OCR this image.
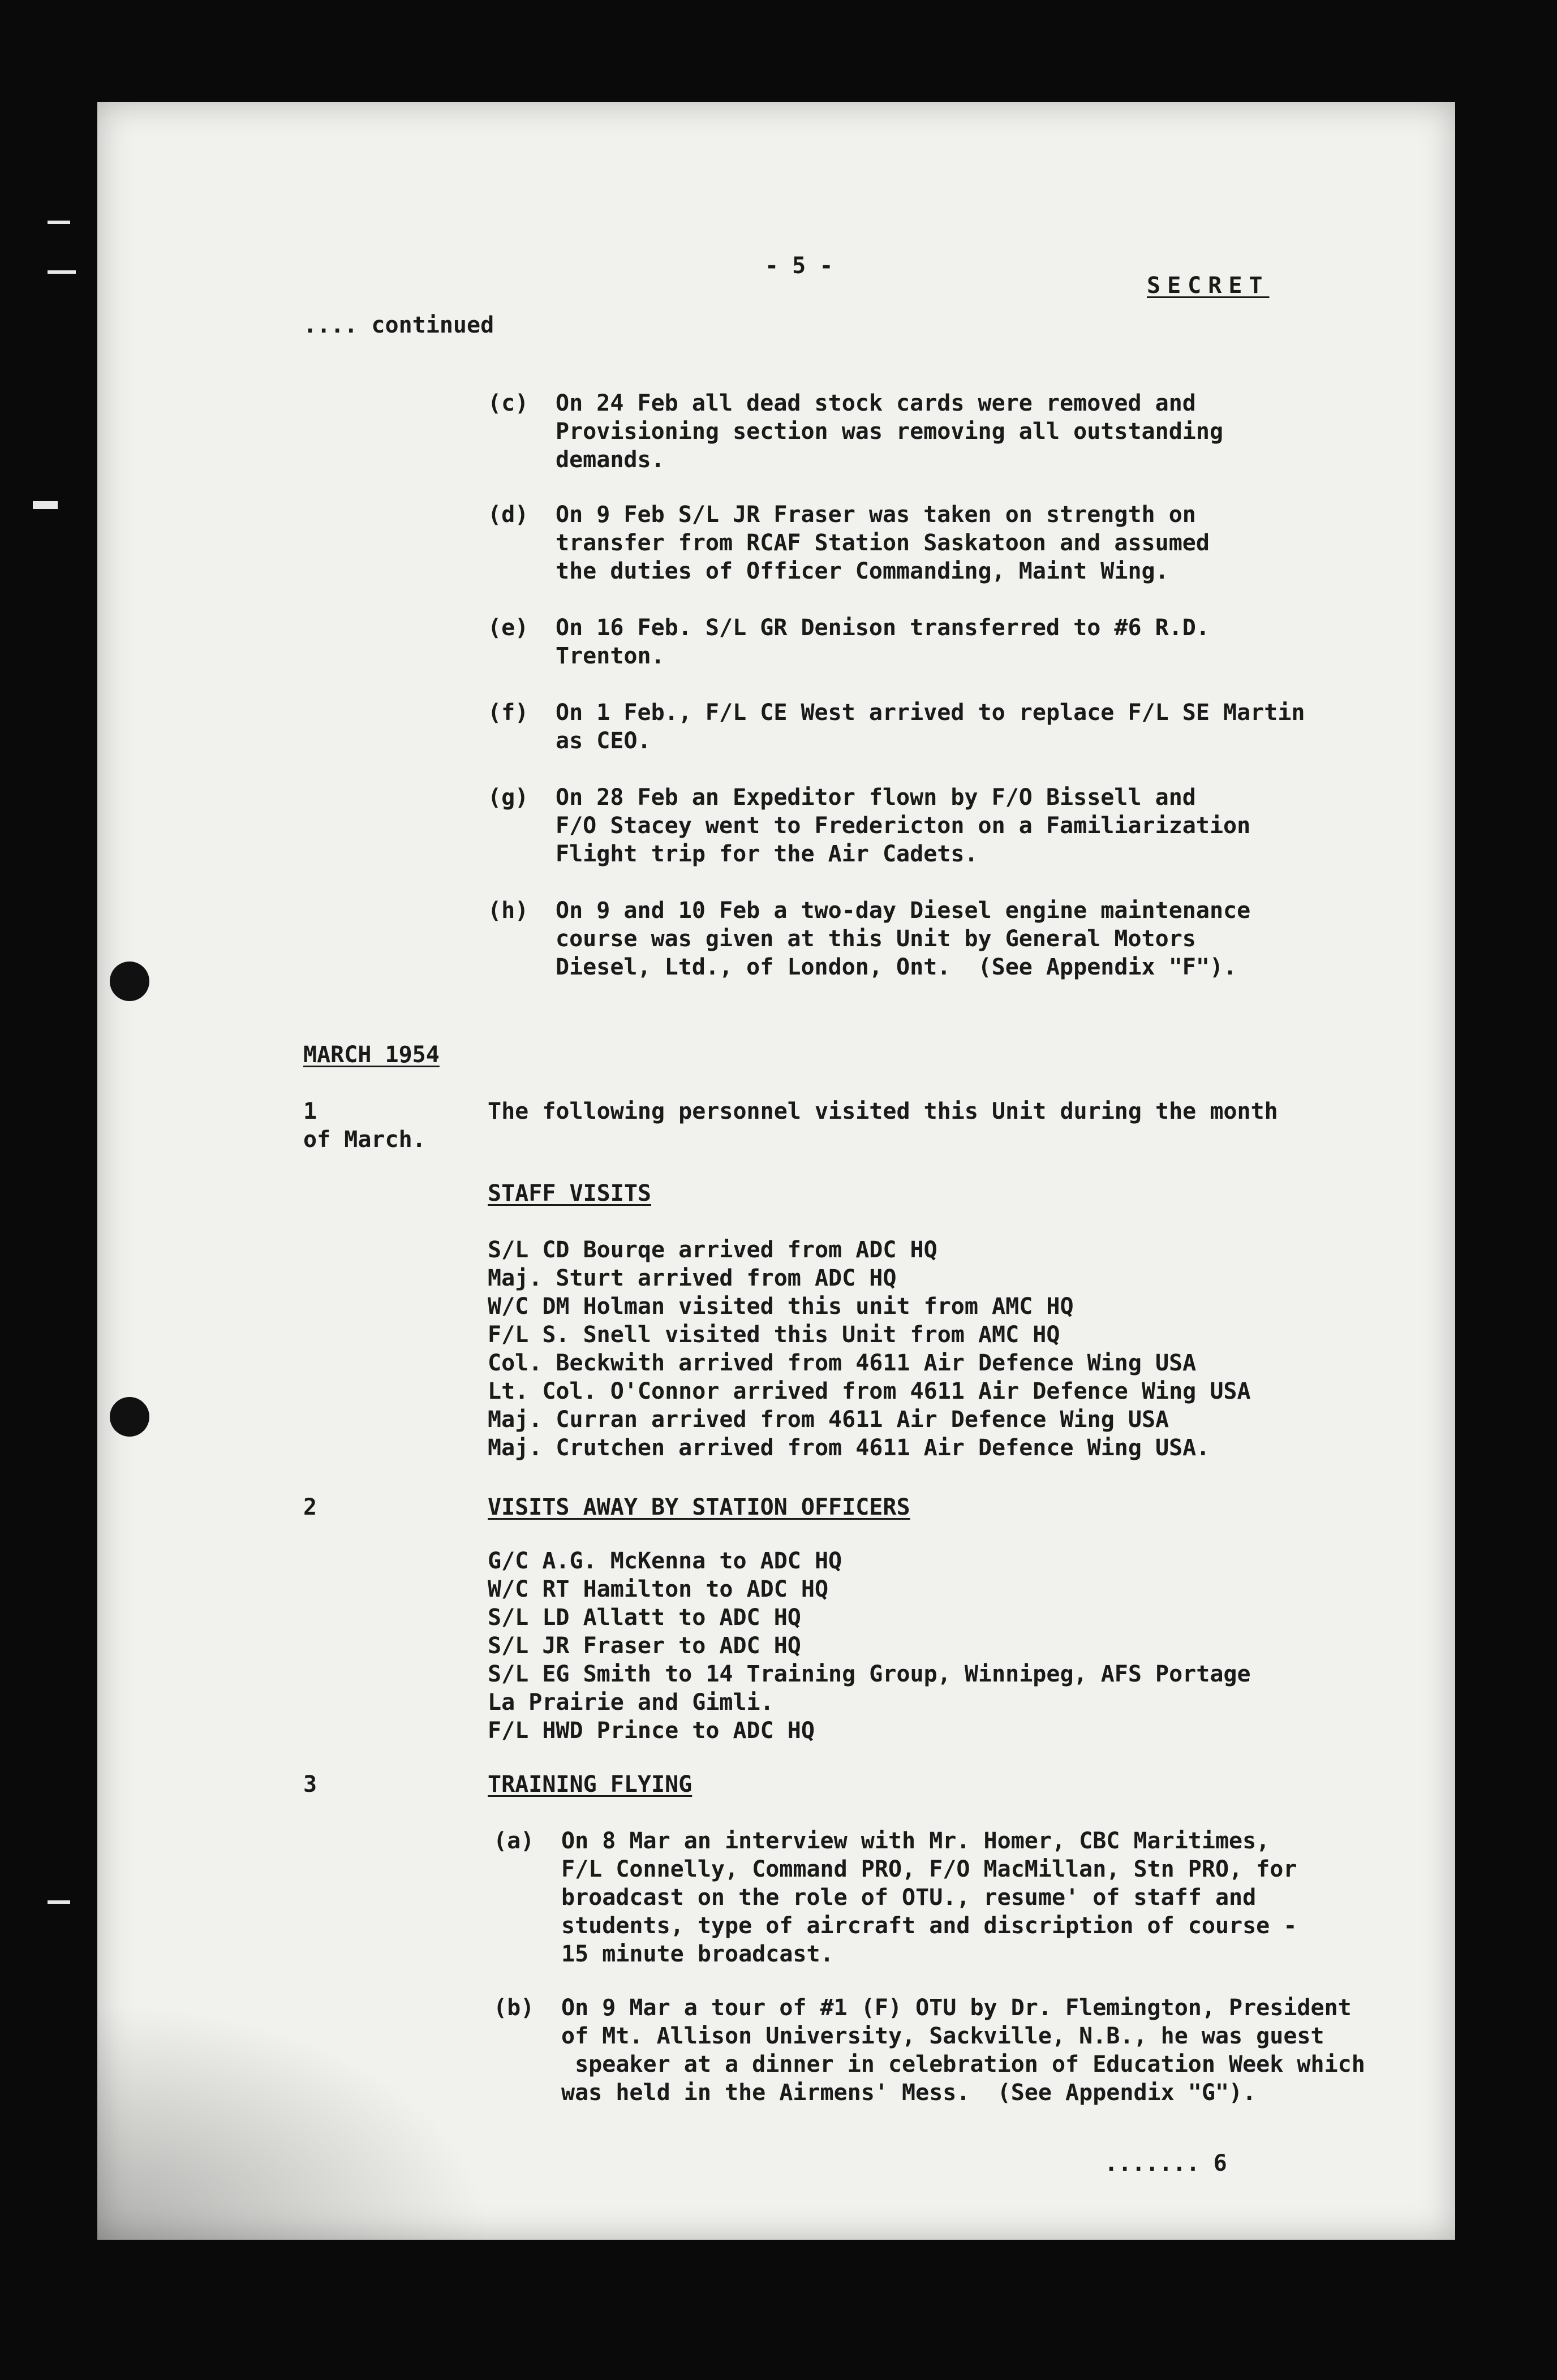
- 5 -
SECRET
.... continued
(c) On 24 Feb all dead stock cards were removed and
Provisioning section was removing all outstanding
demands.
(d) On 9 Feb S/L JR Fraser was taken on strength on
transfer from RCAF Station Saskatoon and assumed
the duties of Officer Commanding, Maint Wing.
(e) On 16 Feb. S/L GR Denison transferred to #6 R.D.
Trenton.
(f) On 1 Feb., F/L CE West arrived to replace F/L SE Martin
as CEO.
(g) On 28 Feb an Expeditor flown by F/O Bissell and
F/O Stacey went to Fredericton on a Familiarization
Flight trip for the Air Cadets.
(h) On 9 and 10 Feb a two-day Diesel engine maintenance
course was given at this Unit by General Motors
Diesel, Ltd., of London, Ont.  (See Appendix "F").
MARCH 1954
1	The following personnel visited this Unit during the month
of March.
STAFF VISITS
S/L CD Bourqe arrived from ADC HQ
Maj. Sturt arrived from ADC HQ
W/C DM Holman visited this unit from AMC HQ
F/L S. Snell visited this Unit from AMC HQ
Col. Beckwith arrived from 4611 Air Defence Wing USA
Lt. Col. O'Connor arrived from 4611 Air Defence Wing USA
Maj. Curran arrived from 4611 Air Defence Wing USA
Maj. Crutchen arrived from 4611 Air Defence Wing USA.
2	VISITS AWAY BY STATION OFFICERS
G/C A.G. McKenna to ADC HQ
W/C RT Hamilton to ADC HQ
S/L LD Allatt to ADC HQ
S/L JR Fraser to ADC HQ
S/L EG Smith to 14 Training Group, Winnipeg, AFS Portage
La Prairie and Gimli.
F/L HWD Prince to ADC HQ
3	TRAINING FLYING
(a) On 8 Mar an interview with Mr. Homer, CBC Maritimes,
F/L Connelly, Command PRO, F/O MacMillan, Stn PRO, for
broadcast on the role of OTU., resume' of staff and
students, type of aircraft and discription of course -
15 minute broadcast.
(b) On 9 Mar a tour of #1 (F) OTU by Dr. Flemington, President
of Mt. Allison University, Sackville, N.B., he was guest
speaker at a dinner in celebration of Education Week which
was held in the Airmens' Mess.  (See Appendix "G").
....... 6
